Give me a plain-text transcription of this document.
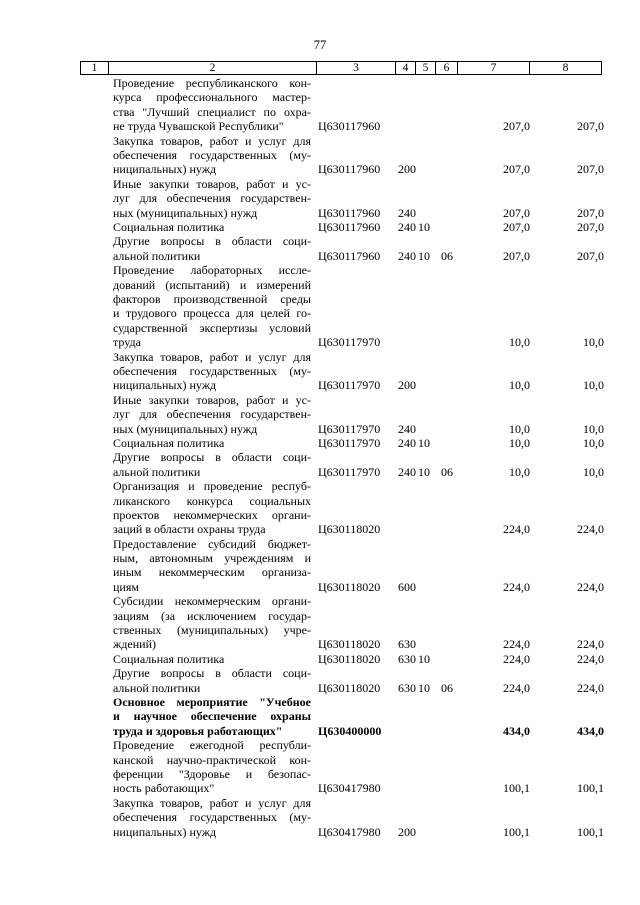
77
1	2	3	4	5	6	7	8
Проведение республиканского кон-
курса профессионального мастер-
ства "Лучший специалист по охра-
не труда Чувашской Республики"	Ц630117960	207,0	207,0
Закупка товаров, работ и услуг для
обеспечения государственных (му-
ниципальных) нужд	Ц630117960 200	207,0	207,0
Иные закупки товаров, работ и ус-
луг для обеспечения государствен-
ных (муниципальных) нужд	Ц630117960 240	207,0	207,0
Социальная политика	Ц630117960 240 10	207,0	207,0
Другие вопросы в области соци-
альной политики	Ц630117960 240 10 06	207,0	207,0
Проведение лабораторных иссле-
дований (испытаний) и измерений
факторов производственной среды
и трудового процесса для целей го-
сударственной экспертизы условий
труда	Ц630117970	10,0	10,0
Закупка товаров, работ и услуг для
обеспечения государственных (му-
ниципальных) нужд	Ц630117970 200	10,0	10,0
Иные закупки товаров, работ и ус-
луг для обеспечения государствен-
ных (муниципальных) нужд	Ц630117970 240	10,0	10,0
Социальная политика	Ц630117970 240 10	10,0	10,0
Другие вопросы в области соци-
альной политики	Ц630117970 240 10 06	10,0	10,0
Организация и проведение респуб-
ликанского конкурса социальных
проектов некоммерческих органи-
заций в области охраны труда	Ц630118020	224,0	224,0
Предоставление субсидий бюджет-
ным, автономным учреждениям и
иным некоммерческим организа-
циям	Ц630118020 600	224,0	224,0
Субсидии некоммерческим органи-
зациям (за исключением государ-
ственных (муниципальных) учре-
ждений)	Ц630118020 630	224,0	224,0
Социальная политика	Ц630118020 630 10	224,0	224,0
Другие вопросы в области соци-
альной политики	Ц630118020 630 10 06	224,0	224,0
Основное мероприятие "Учебное
и научное обеспечение охраны
труда и здоровья работающих"	Ц630400000	434,0	434,0
Проведение ежегодной республи-
канской научно-практической кон-
ференции "Здоровье и безопас-
ность работающих"	Ц630417980	100,1	100,1
Закупка товаров, работ и услуг для
обеспечения государственных (му-
ниципальных) нужд	Ц630417980 200	100,1	100,1
